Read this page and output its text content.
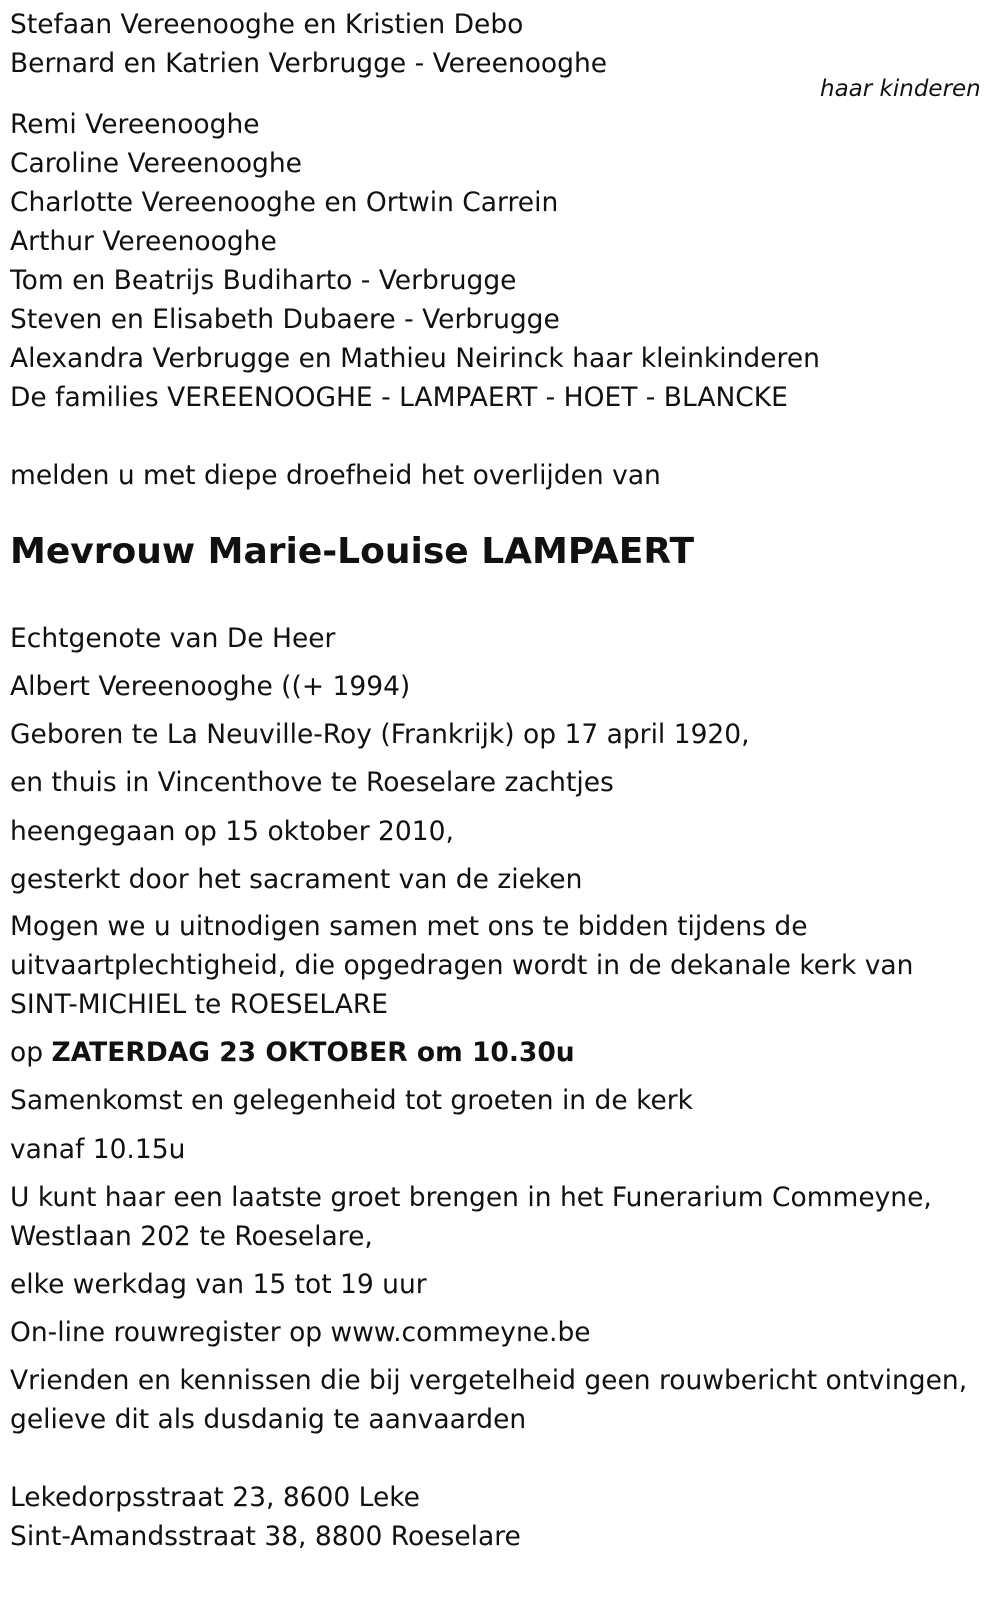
Stefaan Vereenooghe en Kristien Debo
Bernard en Katrien Verbrugge - Vereenooghe
haar kinderen
Remi Vereenooghe
Caroline Vereenooghe
Charlotte Vereenooghe en Ortwin Carrein
Arthur Vereenooghe
Tom en Beatrijs Budiharto - Verbrugge
Steven en Elisabeth Dubaere - Verbrugge
Alexandra Verbrugge en Mathieu Neirinck haar kleinkinderen
De families VEREENOOGHE - LAMPAERT - HOET - BLANCKE
melden u met diepe droefheid het overlijden van
Mevrouw Marie-Louise LAMPAERT
Echtgenote van De Heer
Albert Vereenooghe ((+ 1994)
Geboren te La Neuville-Roy (Frankrijk) op 17 april 1920,
en thuis in Vincenthove te Roeselare zachtjes
heengegaan op 15 oktober 2010,
gesterkt door het sacrament van de zieken
Mogen we u uitnodigen samen met ons te bidden tijdens de
uitvaartplechtigheid, die opgedragen wordt in de dekanale kerk van
SINT-MICHIEL te ROESELARE
op ZATERDAG 23 OKTOBER om 10.30u
Samenkomst en gelegenheid tot groeten in de kerk
vanaf 10.15u
U kunt haar een laatste groet brengen in het Funerarium Commeyne,
Westlaan 202 te Roeselare,
elke werkdag van 15 tot 19 uur
On-line rouwregister op www.commeyne.be
Vrienden en kennissen die bij vergetelheid geen rouwbericht ontvingen,
gelieve dit als dusdanig te aanvaarden
Lekedorpsstraat 23, 8600 Leke
Sint-Amandsstraat 38, 8800 Roeselare
